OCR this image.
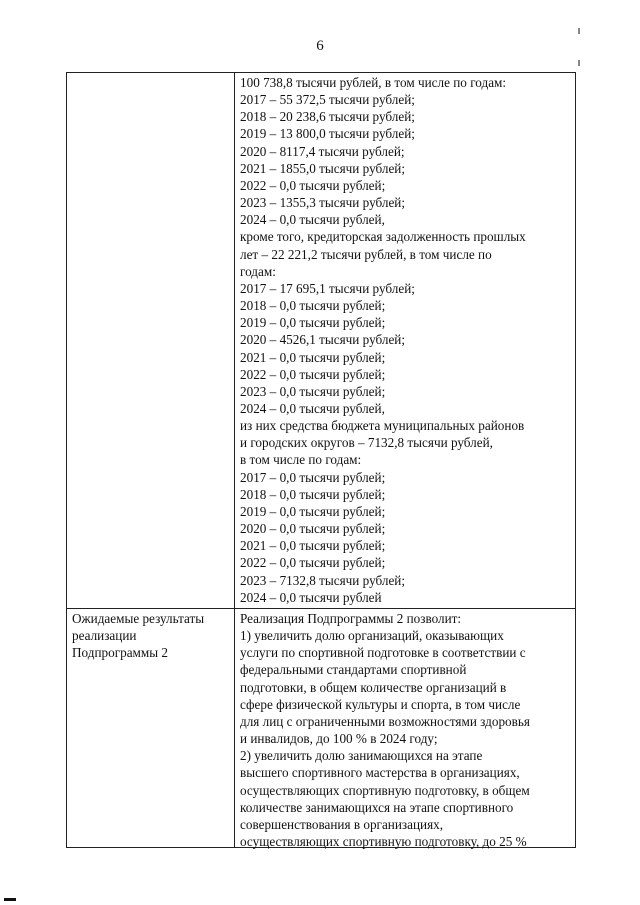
6
100 738,8 тысячи рублей, в том числе по годам:
2017 – 55 372,5 тысячи рублей;
2018 – 20 238,6 тысячи рублей;
2019 – 13 800,0 тысячи рублей;
2020 – 8117,4 тысячи рублей;
2021 – 1855,0 тысячи рублей;
2022 – 0,0 тысячи рублей;
2023 – 1355,3 тысячи рублей;
2024 – 0,0 тысячи рублей,
кроме того, кредиторская задолженность прошлых
лет – 22 221,2 тысячи рублей, в том числе по
годам:
2017 – 17 695,1 тысячи рублей;
2018 – 0,0 тысячи рублей;
2019 – 0,0 тысячи рублей;
2020 – 4526,1 тысячи рублей;
2021 – 0,0 тысячи рублей;
2022 – 0,0 тысячи рублей;
2023 – 0,0 тысячи рублей;
2024 – 0,0 тысячи рублей,
из них средства бюджета муниципальных районов
и городских округов – 7132,8 тысячи рублей,
в том числе по годам:
2017 – 0,0 тысячи рублей;
2018 – 0,0 тысячи рублей;
2019 – 0,0 тысячи рублей;
2020 – 0,0 тысячи рублей;
2021 – 0,0 тысячи рублей;
2022 – 0,0 тысячи рублей;
2023 – 7132,8 тысячи рублей;
2024 – 0,0 тысячи рублей
Ожидаемые результаты
реализации
Подпрограммы 2
Реализация Подпрограммы 2 позволит:
1) увеличить долю организаций, оказывающих
услуги по спортивной подготовке в соответствии с
федеральными стандартами спортивной
подготовки, в общем количестве организаций в
сфере физической культуры и спорта, в том числе
для лиц с ограниченными возможностями здоровья
и инвалидов, до 100 % в 2024 году;
2) увеличить долю занимающихся на этапе
высшего спортивного мастерства в организациях,
осуществляющих спортивную подготовку, в общем
количестве занимающихся на этапе спортивного
совершенствования в организациях,
осуществляющих спортивную подготовку, до 25 %
